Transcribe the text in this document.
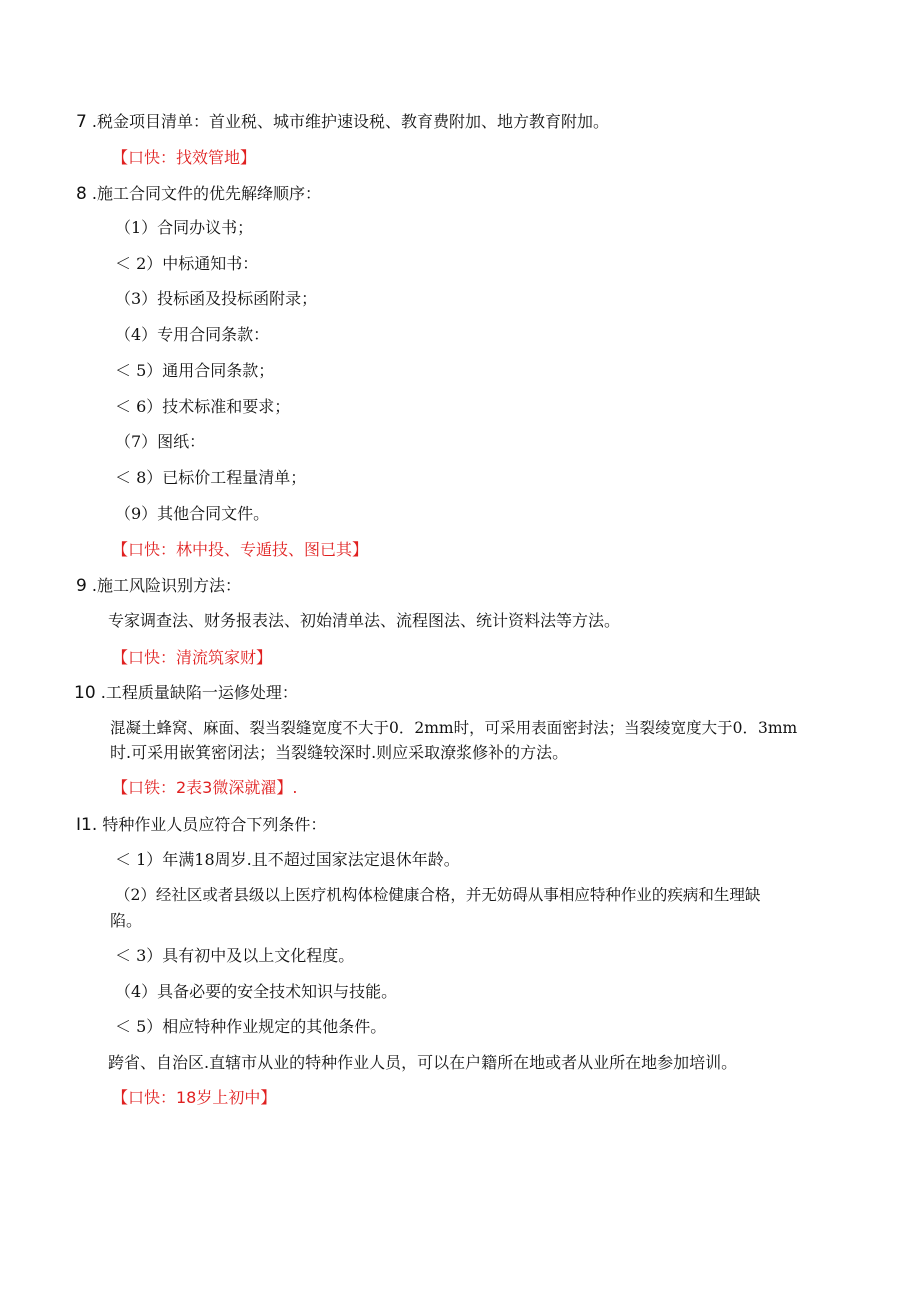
7 .税金项目清单：首业税、城市维护速设税、教育费附加、地方教育附加。
【口快：找效管地】
8 .施工合同文件的优先解绛顺序：
（1）合同办议书；
＜ 2）中标通知书：
（3）投标函及投标函附录；
（4）专用合同条款：
＜ 5）通用合同条款；
＜ 6）技术标准和要求；
（7）图纸：
＜ 8）已标价工程量清单；
（9）其他合同文件。
【口快：林中投、专遁技、图已其】
9 .施工风险识别方法：
专家调查法、财务报表法、初始清单法、流程图法、统计资料法等方法。
【口快：清流筑家财】
10 .工程质量缺陷一运修处理：
混凝土蜂窝、麻面、裂当裂缝宽度不大于0．2mm时，可采用表面密封法；当裂绫宽度大于0．3mm
时.可采用嵌箕密闭法；当裂缝较深时.则应采取潦浆修补的方法。
【口铁：2表3微深就濯】.
I1. 特种作业人员应符合下列条件：
＜ 1）年满18周岁.且不超过国家法定退休年龄。
（2）经社区或者县级以上医疗机构体检健康合格，并无妨碍从事相应特种作业的疾病和生理缺
陷。
＜ 3）具有初中及以上文化程度。
（4）具备必要的安全技术知识与技能。
＜ 5）相应特种作业规定的其他条件。
跨省、自治区.直辖市从业的特种作业人员，可以在户籍所在地或者从业所在地参加培训。
【口快：18岁上初中】
